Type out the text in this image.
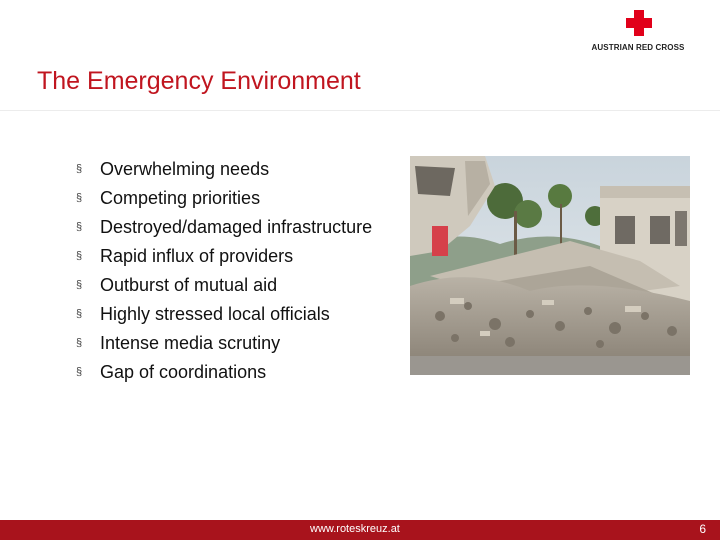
AUSTRIAN RED CROSS
The Emergency Environment
§ Overwhelming needs
§ Competing priorities
§ Destroyed/damaged infrastructure
§ Rapid influx of providers
§ Outburst of mutual aid
§ Highly stressed local officials
§ Intense media scrutiny
§ Gap of coordinations
www.roteskreuz.at	6
